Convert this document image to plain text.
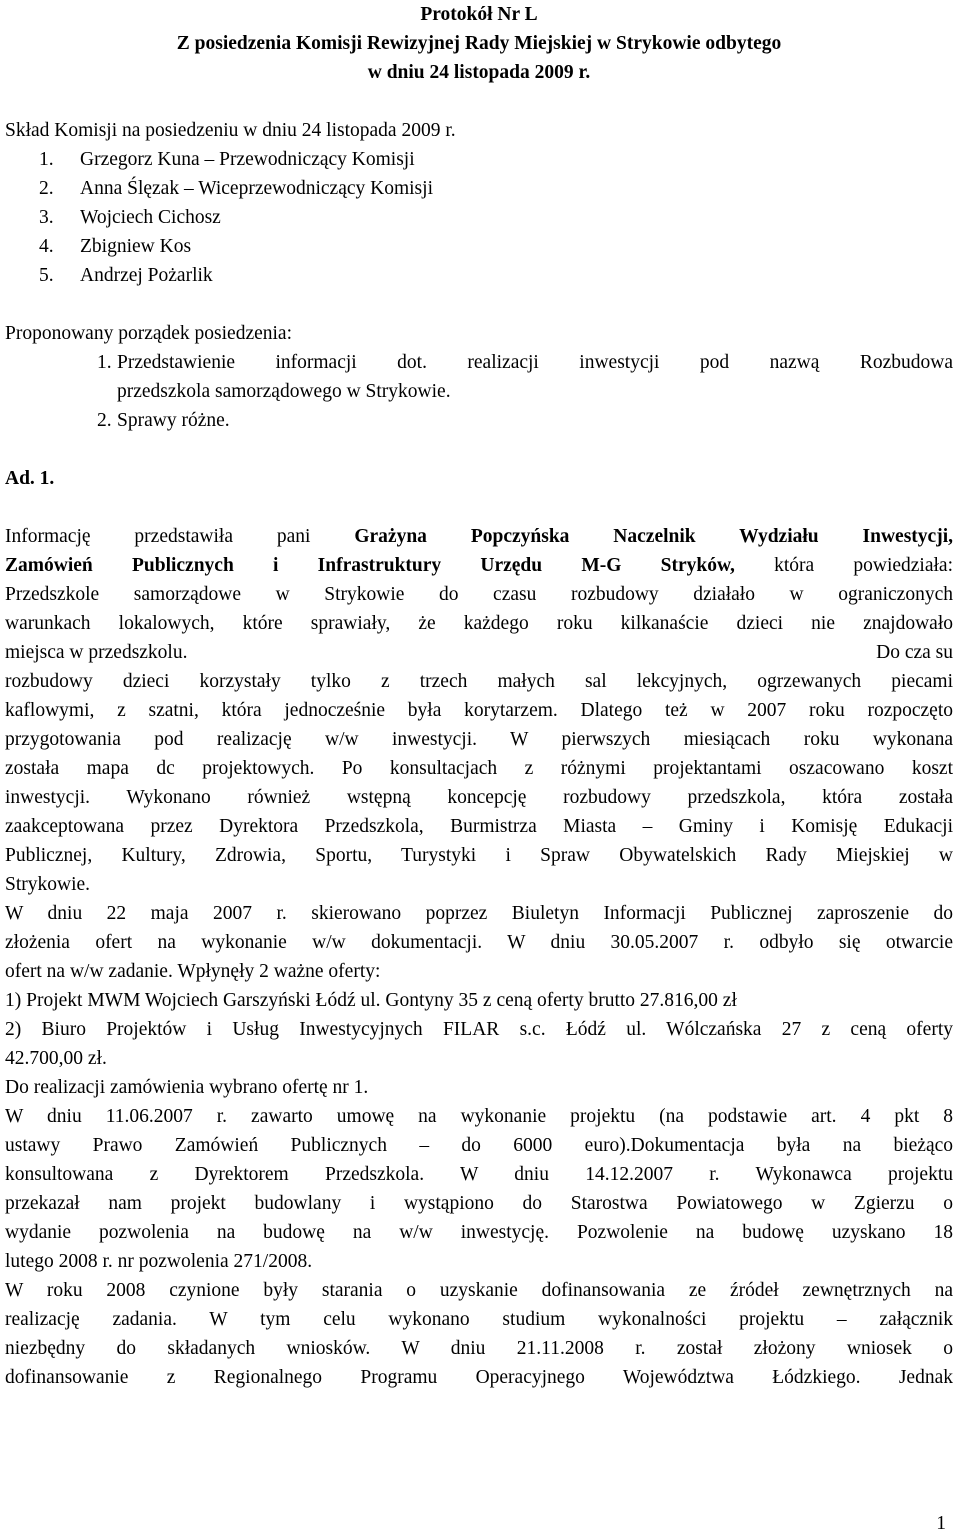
Protokół Nr L
Z posiedzenia Komisji Rewizyjnej Rady Miejskiej w Strykowie odbytego
w dniu 24 listopada 2009 r.
Skład Komisji na posiedzeniu w dniu 24 listopada 2009 r.
1. Grzegorz Kuna – Przewodniczący Komisji
2. Anna Ślęzak – Wiceprzewodniczący Komisji
3. Wojciech Cichosz
4. Zbigniew Kos
5. Andrzej Pożarlik
Proponowany porządek posiedzenia:
1. Przedstawienie informacji dot. realizacji inwestycji pod nazwą Rozbudowa
przedszkola samorządowego w Strykowie.
2. Sprawy różne.
Ad. 1.
Informację przedstawiła pani Grażyna Popczyńska Naczelnik Wydziału Inwestycji,
Zamówień Publicznych i Infrastruktury Urzędu M-G Stryków, która powiedziała:
Przedszkole samorządowe w Strykowie do czasu rozbudowy działało w ograniczonych
warunkach lokalowych, które sprawiały, że każdego roku kilkanaście dzieci nie znajdowało
Do cza su
miejsca w przedszkolu.
rozbudowy dzieci korzystały tylko z trzech małych sal lekcyjnych, ogrzewanych piecami
kaflowymi, z szatni, która jednocześnie była korytarzem. Dlatego też w 2007 roku rozpoczęto
przygotowania pod realizację w/w inwestycji. W pierwszych miesiącach roku wykonana
została mapa dc projektowych. Po konsultacjach z różnymi projektantami oszacowano koszt
inwestycji. Wykonano również wstępną koncepcję rozbudowy przedszkola, która została
zaakceptowana przez Dyrektora Przedszkola, Burmistrza Miasta – Gminy i Komisję Edukacji
Publicznej, Kultury, Zdrowia, Sportu, Turystyki i Spraw Obywatelskich Rady Miejskiej w
Strykowie.
W dniu 22 maja 2007 r. skierowano poprzez Biuletyn Informacji Publicznej zaproszenie do
złożenia ofert na wykonanie w/w dokumentacji. W dniu 30.05.2007 r. odbyło się otwarcie
ofert na w/w zadanie. Wpłynęły 2 ważne oferty:
1) Projekt MWM Wojciech Garszyński Łódź ul. Gontyny 35 z ceną oferty brutto 27.816,00 zł
2) Biuro Projektów i Usług Inwestycyjnych FILAR s.c. Łódź ul. Wólczańska 27 z ceną oferty
42.700,00 zł.
Do realizacji zamówienia wybrano ofertę nr 1.
W dniu 11.06.2007 r. zawarto umowę na wykonanie projektu (na podstawie art. 4 pkt 8
ustawy Prawo Zamówień Publicznych – do 6000 euro).Dokumentacja była na bieżąco
konsultowana z Dyrektorem Przedszkola. W dniu 14.12.2007 r. Wykonawca projektu
przekazał nam projekt budowlany i wystąpiono do Starostwa Powiatowego w Zgierzu o
wydanie pozwolenia na budowę na w/w inwestycję. Pozwolenie na budowę uzyskano 18
lutego 2008 r. nr pozwolenia 271/2008.
W roku 2008 czynione były starania o uzyskanie dofinansowania ze źródeł zewnętrznych na
realizację zadania. W tym celu wykonano studium wykonalności projektu – załącznik
niezbędny do składanych wniosków. W dniu 21.11.2008 r. został złożony wniosek o
dofinansowanie z Regionalnego Programu Operacyjnego Województwa Łódzkiego. Jednak
1
